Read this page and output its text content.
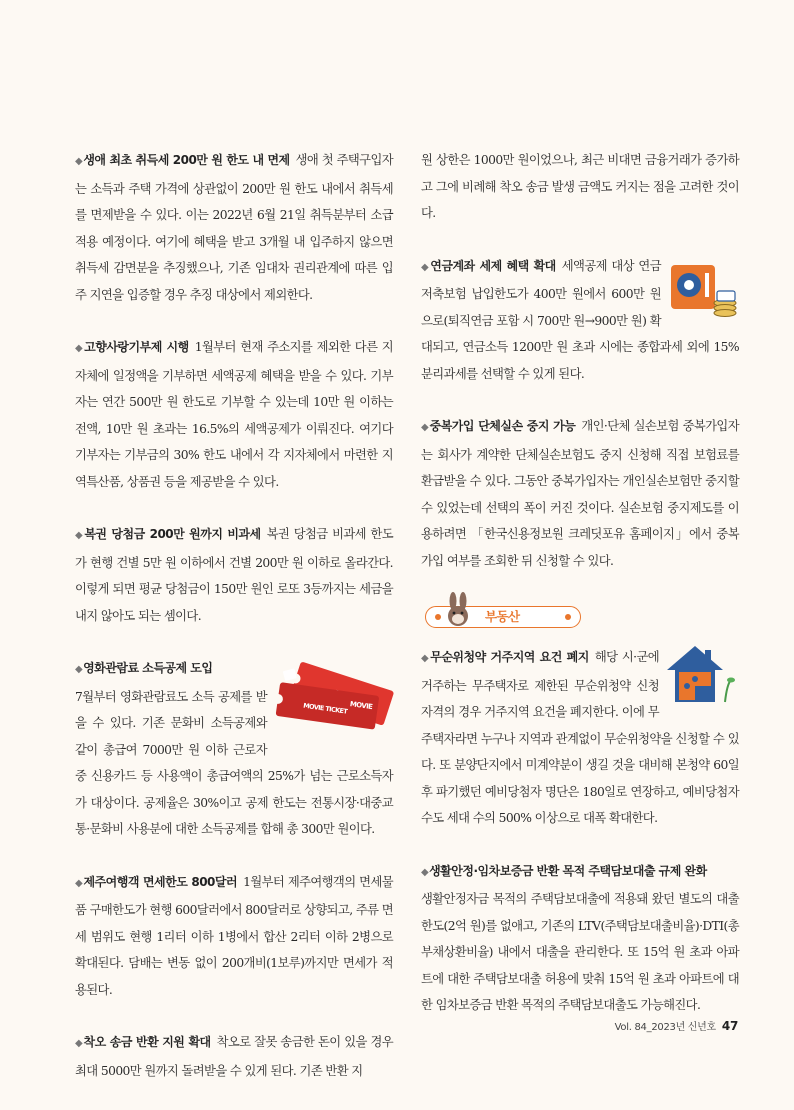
◆생애 최초 취득세 200만 원 한도 내 면제 생애 첫 주택구입자는 소득과 주택 가격에 상관없이 200만 원 한도 내에서 취득세를 면제받을 수 있다. 이는 2022년 6월 21일 취득분부터 소급 적용 예정이다. 여기에 혜택을 받고 3개월 내 입주하지 않으면 취득세 감면분을 추징했으나, 기존 임대차 권리관계에 따른 입주 지연을 입증할 경우 추징 대상에서 제외한다.

◆고향사랑기부제 시행 1월부터 현재 주소지를 제외한 다른 지자체에 일정액을 기부하면 세액공제 혜택을 받을 수 있다. 기부자는 연간 500만 원 한도로 기부할 수 있는데 10만 원 이하는 전액, 10만 원 초과는 16.5%의 세액공제가 이뤄진다. 여기다 기부자는 기부금의 30% 한도 내에서 각 지자체에서 마련한 지역특산품, 상품권 등을 제공받을 수 있다.

◆복권 당첨금 200만 원까지 비과세 복권 당첨금 비과세 한도가 현행 건별 5만 원 이하에서 건별 200만 원 이하로 올라간다. 이렇게 되면 평균 당첨금이 150만 원인 로또 3등까지는 세금을 내지 않아도 되는 셈이다.

MOVIE TICKET MOVIE
◆영화관람료 소득공제 도입

7월부터 영화관람료도 소득 공제를 받을 수 있다. 기존 문화비 소득공제와 같이 총급여 7000만 원 이하 근로자 중 신용카드 등 사용액이 총급여액의 25%가 넘는 근로소득자가 대상이다. 공제율은 30%이고 공제 한도는 전통시장·대중교통·문화비 사용분에 대한 소득공제를 합해 총 300만 원이다.

◆제주여행객 면세한도 800달러 1월부터 제주여행객의 면세물품 구매한도가 현행 600달러에서 800달러로 상향되고, 주류 면세 범위도 현행 1리터 이하 1병에서 합산 2리터 이하 2병으로 확대된다. 담배는 변동 없이 200개비(1보루)까지만 면세가 적용된다.

◆착오 송금 반환 지원 확대 착오로 잘못 송금한 돈이 있을 경우 최대 5000만 원까지 돌려받을 수 있게 된다. 기존 반환 지

원 상한은 1000만 원이었으나, 최근 비대면 금융거래가 증가하고 그에 비례해 착오 송금 발생 금액도 커지는 점을 고려한 것이다.

◆연금계좌 세제 혜택 확대 세액공제 대상 연금저축보험 납입한도가 400만 원에서 600만 원으로(퇴직연금 포함 시 700만 원→900만 원) 확대되고, 연금소득 1200만 원 초과 시에는 종합과세 외에 15% 분리과세를 선택할 수 있게 된다.

◆중복가입 단체실손 중지 가능 개인·단체 실손보험 중복가입자는 회사가 계약한 단체실손보험도 중지 신청해 직접 보험료를 환급받을 수 있다. 그동안 중복가입자는 개인실손보험만 중지할 수 있었는데 선택의 폭이 커진 것이다. 실손보험 중지제도를 이용하려면 「한국신용정보원 크레딧포유 홈페이지」에서 중복가입 여부를 조회한 뒤 신청할 수 있다.

부동산
◆무순위청약 거주지역 요건 폐지 해당 시·군에 거주하는 무주택자로 제한된 무순위청약 신청 자격의 경우 거주지역 요건을 폐지한다. 이에 무주택자라면 누구나 지역과 관계없이 무순위청약을 신청할 수 있다. 또 분양단지에서 미계약분이 생길 것을 대비해 본청약 60일 후 파기했던 예비당첨자 명단은 180일로 연장하고, 예비당첨자 수도 세대 수의 500% 이상으로 대폭 확대한다.

◆생활안정·임차보증금 반환 목적 주택담보대출 규제 완화

생활안정자금 목적의 주택담보대출에 적용돼 왔던 별도의 대출한도(2억 원)를 없애고, 기존의 LTV(주택담보대출비율)·DTI(총부채상환비율) 내에서 대출을 관리한다. 또 15억 원 초과 아파트에 대한 주택담보대출 허용에 맞춰 15억 원 초과 아파트에 대한 임차보증금 반환 목적의 주택담보대출도 가능해진다.

Vol. 84_2023년 신년호 47
